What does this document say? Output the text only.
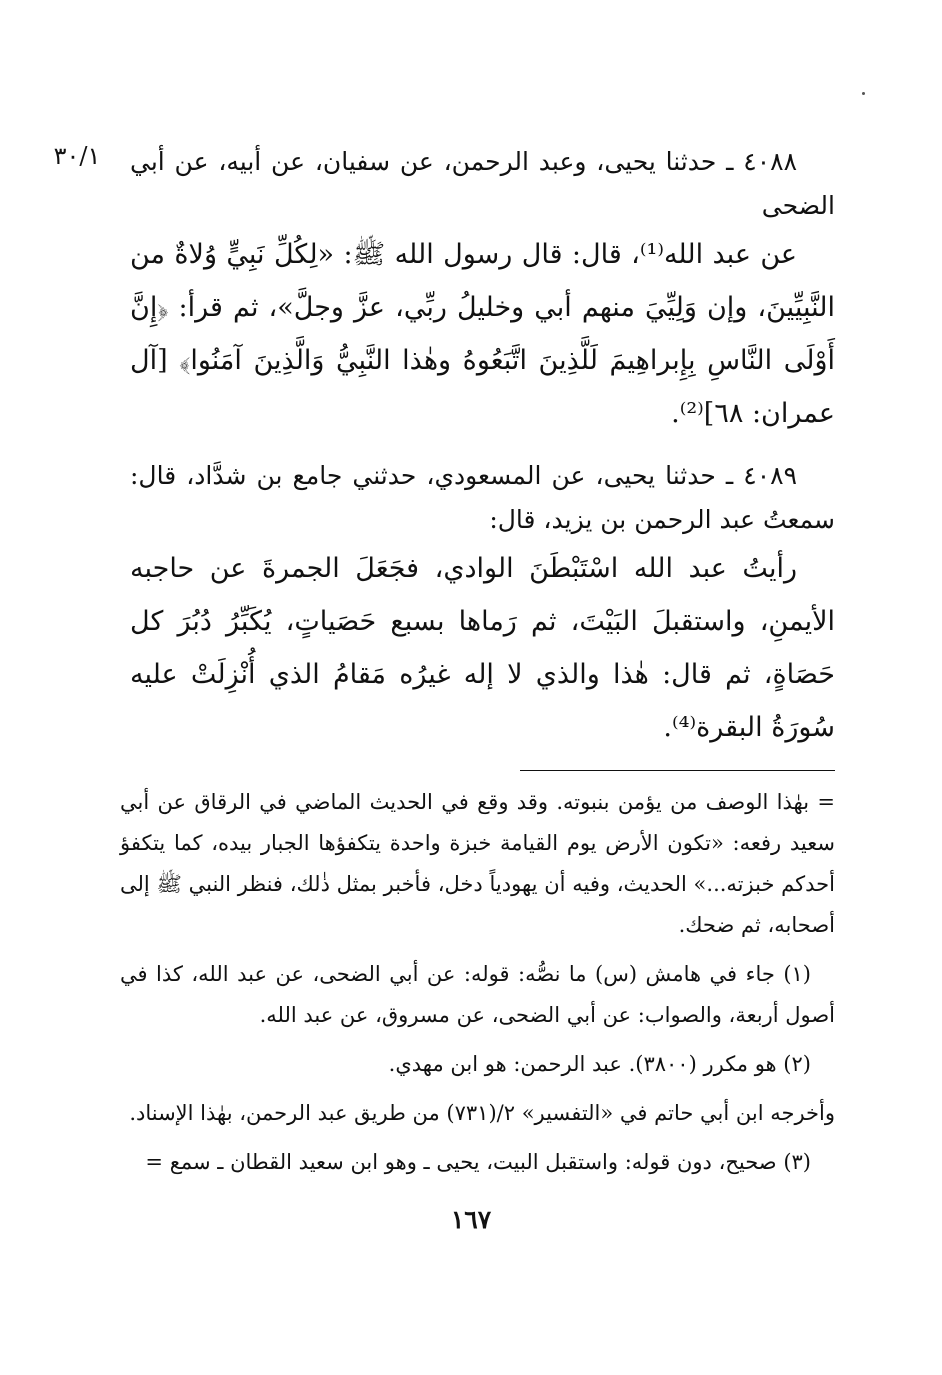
٣٠/١	٤٠٨٨ ـ حدثنا يحيى، وعبد الرحمن، عن سفيان، عن أبيه، عن أبي الضحى

عن عبد الله⁽¹⁾، قال: قال رسول الله ﷺ: «لِكُلِّ نَبِيٍّ وُلاةٌ من النَّبِيِّينَ، وإن وَلِيِّيَ منهم أبي وخليلُ ربِّي، عزَّ وجلَّ»، ثم قرأ: ﴿إِنَّ أَوْلَى النَّاسِ بِإِبراهِيمَ لَلَّذِينَ اتَّبَعُوهُ وهٰذا النَّبِيُّ وَالَّذِينَ آمَنُوا﴾ [آل عمران: ٦٨]⁽²⁾.

٤٠٨٩ ـ حدثنا يحيى، عن المسعودي، حدثني جامع بن شدَّاد، قال: سمعتُ عبد الرحمن بن يزيد، قال:

رأيتُ عبد الله اسْتَبْطَنَ الوادي، فجَعَلَ الجمرةَ عن حاجبه الأيمنِ، واستقبلَ البَيْتَ، ثم رَماها بسبع حَصَياتٍ، يُكَبِّرُ دُبُرَ كل حَصَاةٍ، ثم قال: هٰذا والذي لا إله غيرُه مَقامُ الذي أُنْزِلَتْ عليه سُورَةُ البقرة⁽⁴⁾.

= بهٰذا الوصف من يؤمن بنبوته. وقد وقع في الحديث الماضي في الرقاق عن أبي سعيد رفعه: «تكون الأرض يوم القيامة خبزة واحدة يتكفؤها الجبار بيده، كما يتكفؤ أحدكم خبزته...» الحديث، وفيه أن يهودياً دخل، فأخبر بمثل ذٰلك، فنظر النبي ﷺ إلى أصحابه، ثم ضحك.

(١) جاء في هامش (س) ما نصُّه: قوله: عن أبي الضحى، عن عبد الله، كذا في أصول أربعة، والصواب: عن أبي الضحى، عن مسروق، عن عبد الله.

(٢) هو مكرر (٣٨٠٠). عبد الرحمن: هو ابن مهدي.

وأخرجه ابن أبي حاتم في «التفسير» ٢/(٧٣١) من طريق عبد الرحمن، بهٰذا الإسناد.

(٣) صحيح، دون قوله: واستقبل البيت، يحيى ـ وهو ابن سعيد القطان ـ سمع =

١٦٧
